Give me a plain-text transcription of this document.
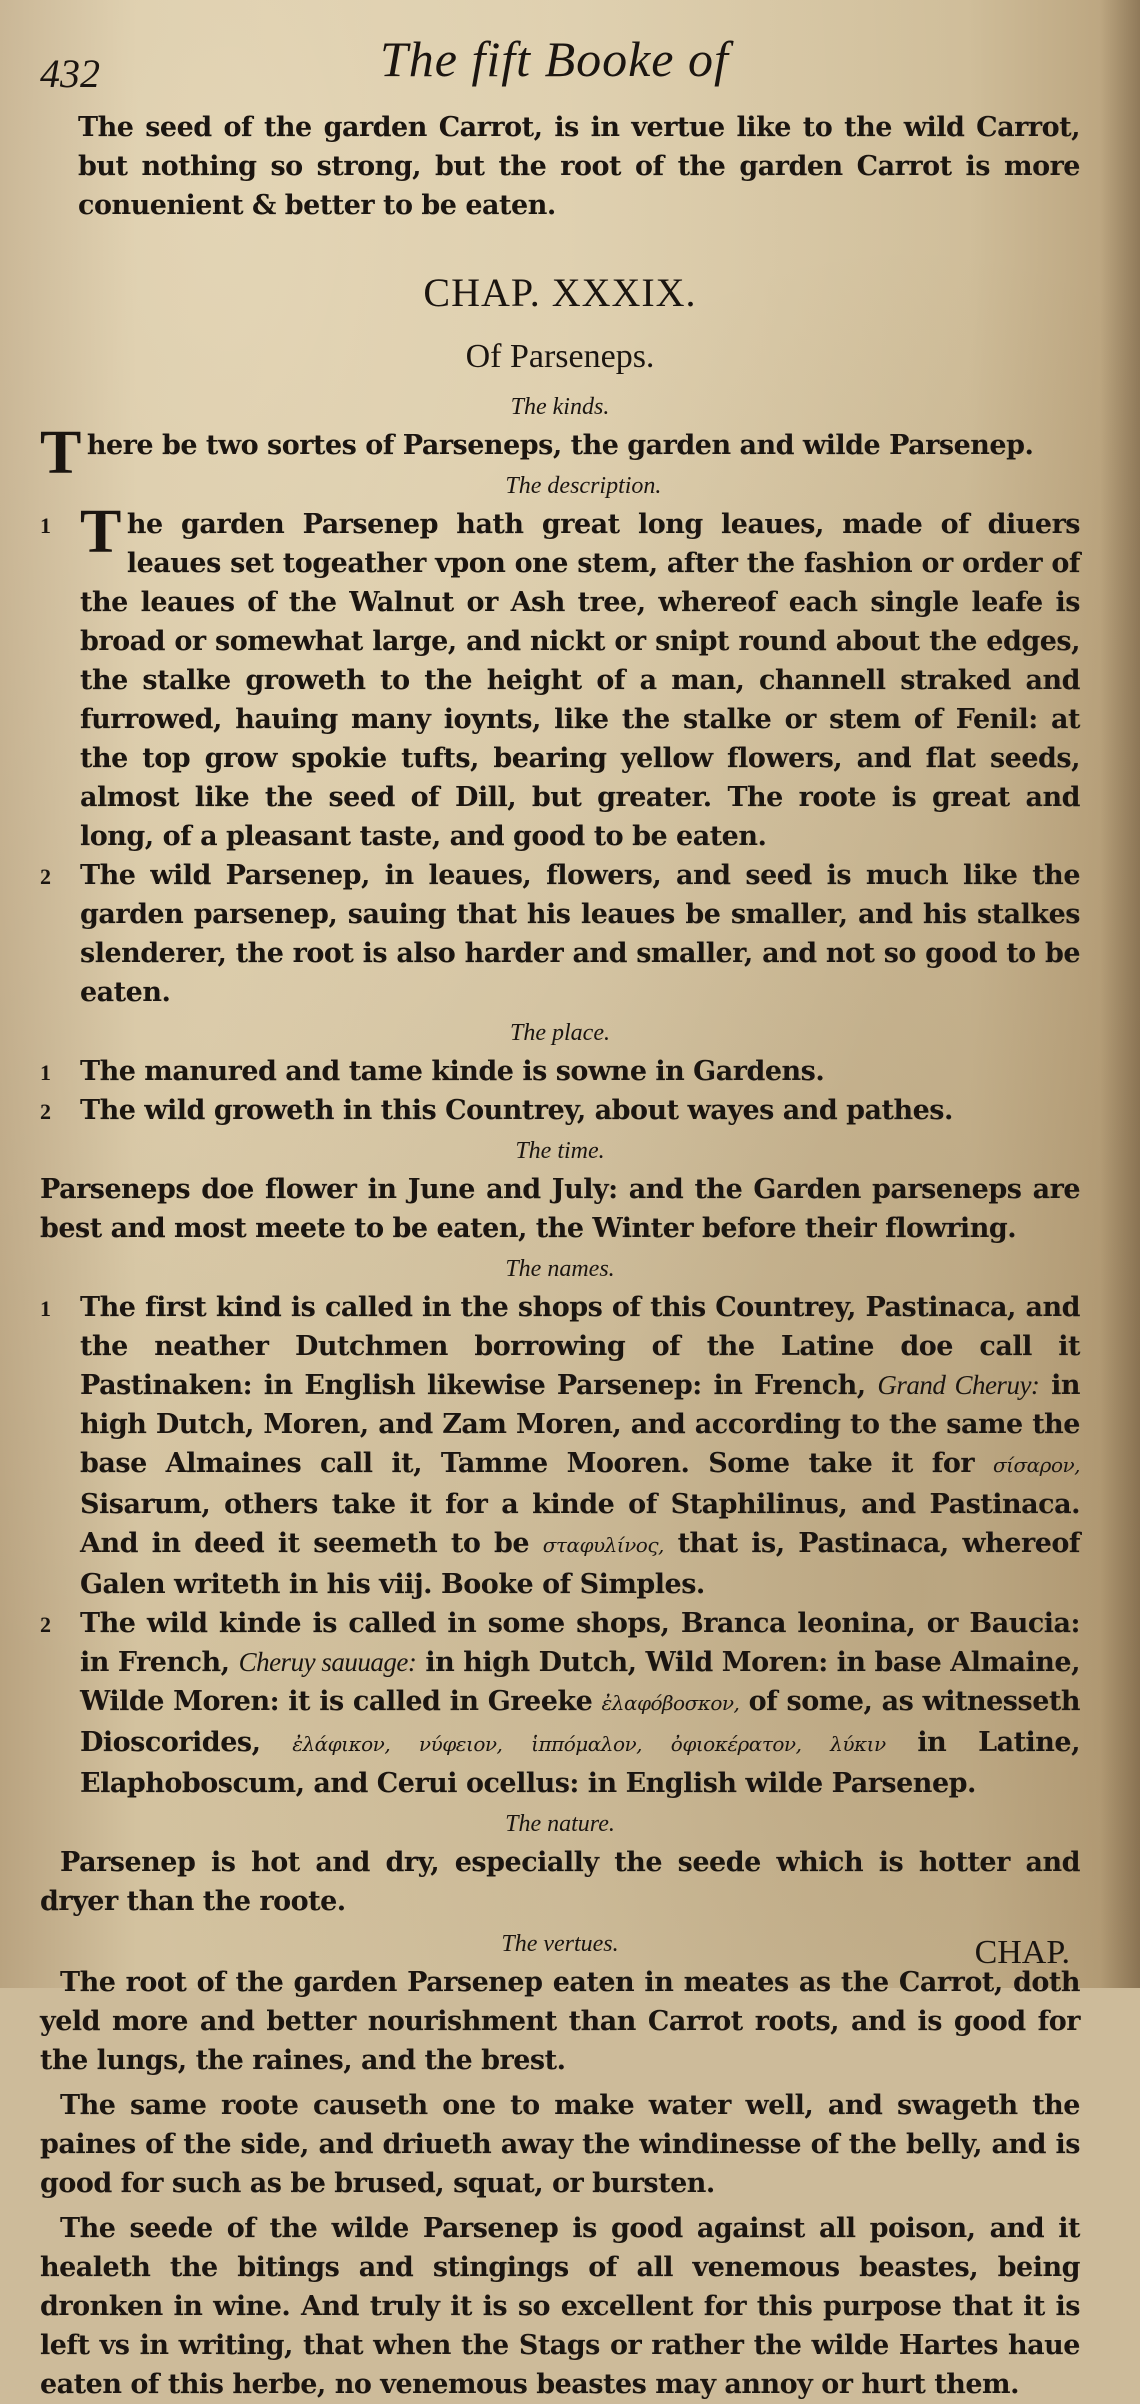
432	The fift Booke of

The seed of the garden Carrot, is in vertue like to the wild Carrot, but nothing so strong, but the root of the garden Carrot is more conuenient & better to be eaten.

CHAP. XXXIX.
Of Parseneps.
The kinds.

There be two sortes of Parseneps, the garden and wilde Parsenep.

The description.
1 The garden Parsenep hath great long leaues, made of diuers leaues set togeather vpon one stem, after the fashion or order of the leaues of the Walnut or Ash tree, whereof each single leafe is broad or somewhat large, and nickt or snipt round about the edges, the stalke groweth to the height of a man, channell straked and furrowed, hauing many ioynts, like the stalke or stem of Fenil: at the top grow spokie tufts, bearing yellow flowers, and flat seeds, almost like the seed of Dill, but greater. The roote is great and long, of a pleasant taste, and good to be eaten.

2 The wild Parsenep, in leaues, flowers, and seed is much like the garden parsenep, sauing that his leaues be smaller, and his stalkes slenderer, the root is also harder and smaller, and not so good to be eaten.

The place.
1 The manured and tame kinde is sowne in Gardens.

2 The wild groweth in this Countrey, about wayes and pathes.

The time.

Parseneps doe flower in June and July: and the Garden parseneps are best and most meete to be eaten, the Winter before their flowring.

The names.
1 The first kind is called in the shops of this Countrey, Pastinaca, and the neather Dutchmen borrowing of the Latine doe call it Pastinaken: in English likewise Parsenep: in French, Grand Cheruy: in high Dutch, Moren, and Zam Moren, and according to the same the base Almaines call it, Tamme Mooren. Some take it for σίσαρον, Sisarum, others take it for a kinde of Staphilinus, and Pastinaca. And in deed it seemeth to be σταφυλίνος, that is, Pastinaca, whereof Galen writeth in his viij. Booke of Simples.

2 The wild kinde is called in some shops, Branca leonina, or Baucia: in French, Cheruy sauuage: in high Dutch, Wild Moren: in base Almaine, Wilde Moren: it is called in Greeke ἐλαφόβοσκον, of some, as witnesseth Dioscorides, ἐλάφικον, νύφειον, ἱππόμαλον, ὀφιοκέρατον, λύκιν in Latine, Elaphoboscum, and Cerui ocellus: in English wilde Parsenep.

The nature.

Parsenep is hot and dry, especially the seede which is hotter and dryer than the roote.

The vertues.

The root of the garden Parsenep eaten in meates as the Carrot, doth yeld more and better nourishment than Carrot roots, and is good for the lungs, the raines, and the brest.

The same roote causeth one to make water well, and swageth the paines of the side, and driueth away the windinesse of the belly, and is good for such as be brused, squat, or bursten.

The seede of the wilde Parsenep is good against all poison, and it healeth the bitings and stingings of all venemous beastes, being dronken in wine. And truly it is so excellent for this purpose that it is left vs in writing, that when the Stags or rather the wilde Hartes haue eaten of this herbe, no venemous beastes may annoy or hurt them.

CHAP.
